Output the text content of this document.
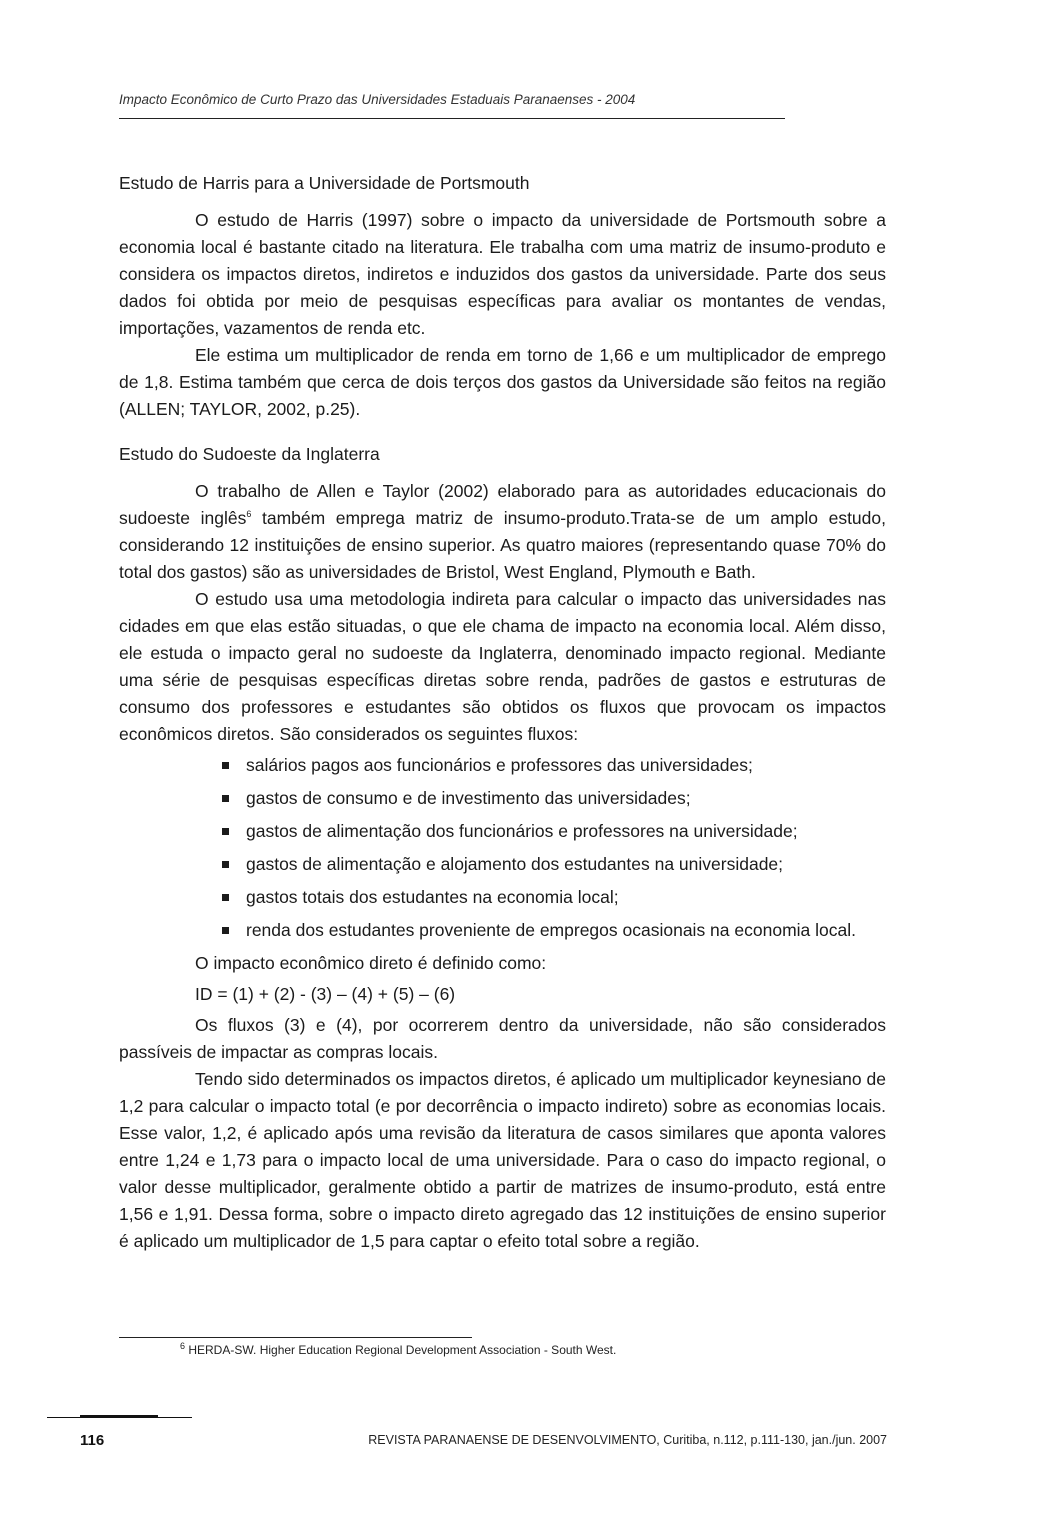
Impacto Econômico de Curto Prazo das Universidades Estaduais Paranaenses - 2004
Estudo de Harris para a Universidade de Portsmouth

O estudo de Harris (1997) sobre o impacto da universidade de Portsmouth sobre a economia local é bastante citado na literatura. Ele trabalha com uma matriz de insumo-produto e considera os impactos diretos, indiretos e induzidos dos gastos da universidade. Parte dos seus dados foi obtida por meio de pesquisas específicas para avaliar os montantes de vendas, importações, vazamentos de renda etc.

Ele estima um multiplicador de renda em torno de 1,66 e um multiplicador de emprego de 1,8. Estima também que cerca de dois terços dos gastos da Universidade são feitos na região (ALLEN; TAYLOR, 2002, p.25).

Estudo do Sudoeste da Inglaterra

O trabalho de Allen e Taylor (2002) elaborado para as autoridades educacionais do sudoeste inglês$^6$ também emprega matriz de insumo-produto.Trata-se de um amplo estudo, considerando 12 instituições de ensino superior. As quatro maiores (representando quase 70% do total dos gastos) são as universidades de Bristol, West England, Plymouth e Bath.

O estudo usa uma metodologia indireta para calcular o impacto das universidades nas cidades em que elas estão situadas, o que ele chama de impacto na economia local. Além disso, ele estuda o impacto geral no sudoeste da Inglaterra, denominado impacto regional. Mediante uma série de pesquisas específicas diretas sobre renda, padrões de gastos e estruturas de consumo dos professores e estudantes são obtidos os fluxos que provocam os impactos econômicos diretos. São considerados os seguintes fluxos:

salários pagos aos funcionários e professores das universidades;
gastos de consumo e de investimento das universidades;
gastos de alimentação dos funcionários e professores na universidade;
gastos de alimentação e alojamento dos estudantes na universidade;
gastos totais dos estudantes na economia local;
renda dos estudantes proveniente de empregos ocasionais na economia local.
O impacto econômico direto é definido como:
ID = (1) + (2) - (3) – (4) + (5) – (6)

Os fluxos (3) e (4), por ocorrerem dentro da universidade, não são considerados passíveis de impactar as compras locais.

Tendo sido determinados os impactos diretos, é aplicado um multiplicador keynesiano de 1,2 para calcular o impacto total (e por decorrência o impacto indireto) sobre as economias locais. Esse valor, 1,2, é aplicado após uma revisão da literatura de casos similares que aponta valores entre 1,24 e 1,73 para o impacto local de uma universidade. Para o caso do impacto regional, o valor desse multiplicador, geralmente obtido a partir de matrizes de insumo-produto, está entre 1,56 e 1,91. Dessa forma, sobre o impacto direto agregado das 12 instituições de ensino superior é aplicado um multiplicador de 1,5 para captar o efeito total sobre a região.

$^6$ HERDA-SW. Higher Education Regional Development Association - South West.
116	REVISTA PARANAENSE DE DESENVOLVIMENTO, Curitiba, n.112, p.111-130, jan./jun. 2007
